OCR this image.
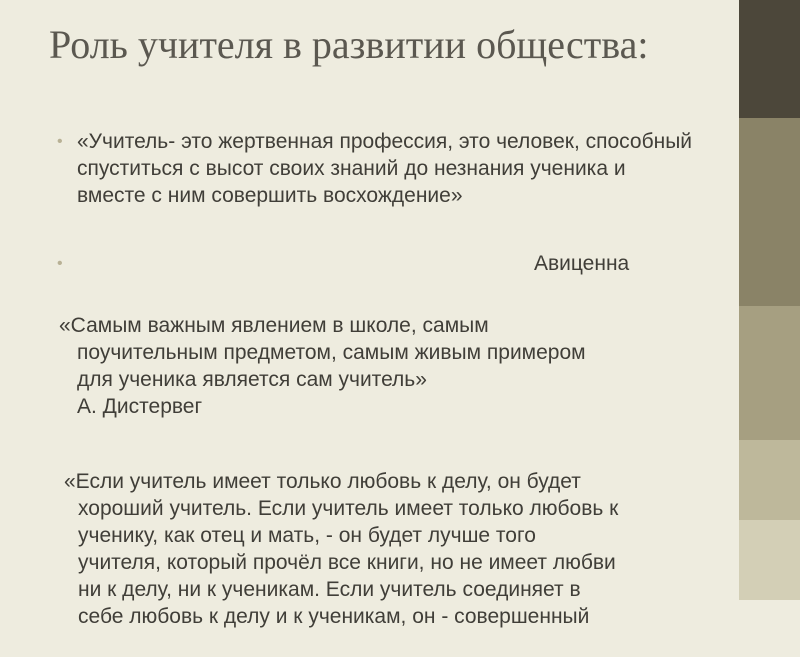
Роль учителя в развитии общества:
• «Учитель- это жертвенная профессия, это человек, способный спуститься с высот своих знаний до незнания ученика и вместе с ним совершить восхождение»
•	Авиценна

«Самым важным явлением в школе, самым

поучительным предметом, самым живым примером
для ученика является сам учитель»
А. Дистервег

«Если учитель имеет только любовь к делу, он будет

хороший учитель. Если учитель имеет только любовь к
ученику, как отец и мать, - он будет лучше того
учителя, который прочёл все книги, но не имеет любви
ни к делу, ни к ученикам. Если учитель соединяет в
себе любовь к делу и к ученикам, он - совершенный
